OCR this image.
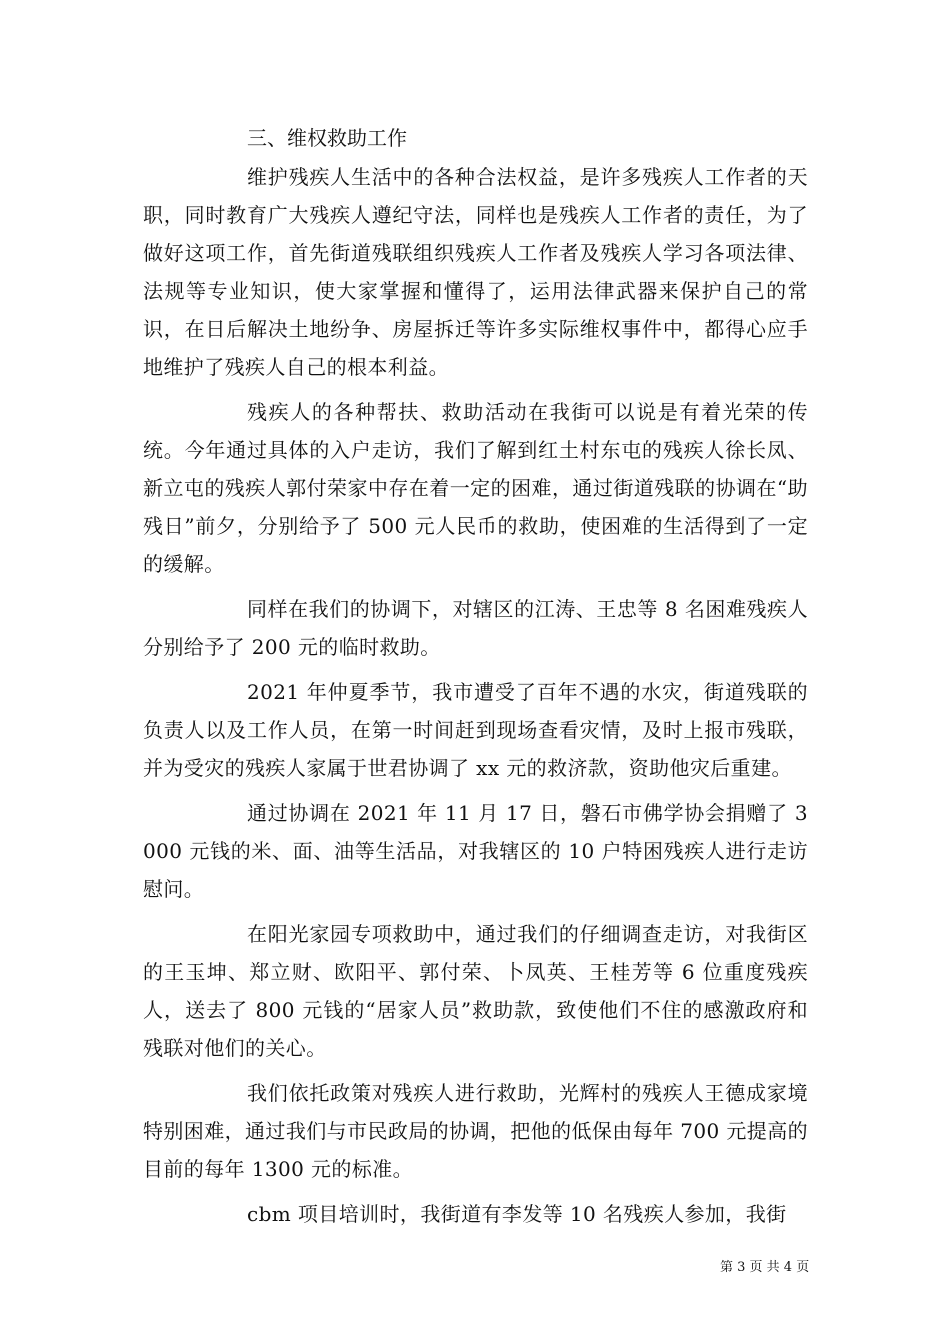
三、维权救助工作

维护残疾人生活中的各种合法权益，是许多残疾人工作者的天职，同时教育广大残疾人遵纪守法，同样也是残疾人工作者的责任，为了做好这项工作，首先街道残联组织残疾人工作者及残疾人学习各项法律、法规等专业知识，使大家掌握和懂得了，运用法律武器来保护自己的常识，在日后解决土地纷争、房屋拆迁等许多实际维权事件中，都得心应手地维护了残疾人自己的根本利益。

残疾人的各种帮扶、救助活动在我街可以说是有着光荣的传统。今年通过具体的入户走访，我们了解到红土村东屯的残疾人徐长凤、新立屯的残疾人郭付荣家中存在着一定的困难，通过街道残联的协调在“助残日”前夕，分别给予了 500 元人民币的救助，使困难的生活得到了一定的缓解。

同样在我们的协调下，对辖区的江涛、王忠等 8 名困难残疾人分别给予了 200 元的临时救助。

2021 年仲夏季节，我市遭受了百年不遇的水灾，街道残联的负责人以及工作人员，在第一时间赶到现场查看灾情，及时上报市残联，并为受灾的残疾人家属于世君协调了 xx 元的救济款，资助他灾后重建。

通过协调在 2021 年 11 月 17 日，磐石市佛学协会捐赠了 3000 元钱的米、面、油等生活品，对我辖区的 10 户特困残疾人进行走访慰问。

在阳光家园专项救助中，通过我们的仔细调查走访，对我街区的王玉坤、郑立财、欧阳平、郭付荣、卜凤英、王桂芳等 6 位重度残疾人，送去了 800 元钱的“居家人员”救助款，致使他们不住的感激政府和残联对他们的关心。

我们依托政策对残疾人进行救助，光辉村的残疾人王德成家境特别困难，通过我们与市民政局的协调，把他的低保由每年 700 元提高的目前的每年 1300 元的标准。

cbm 项目培训时，我街道有李发等 10 名残疾人参加，我街

第 3 页 共 4 页
